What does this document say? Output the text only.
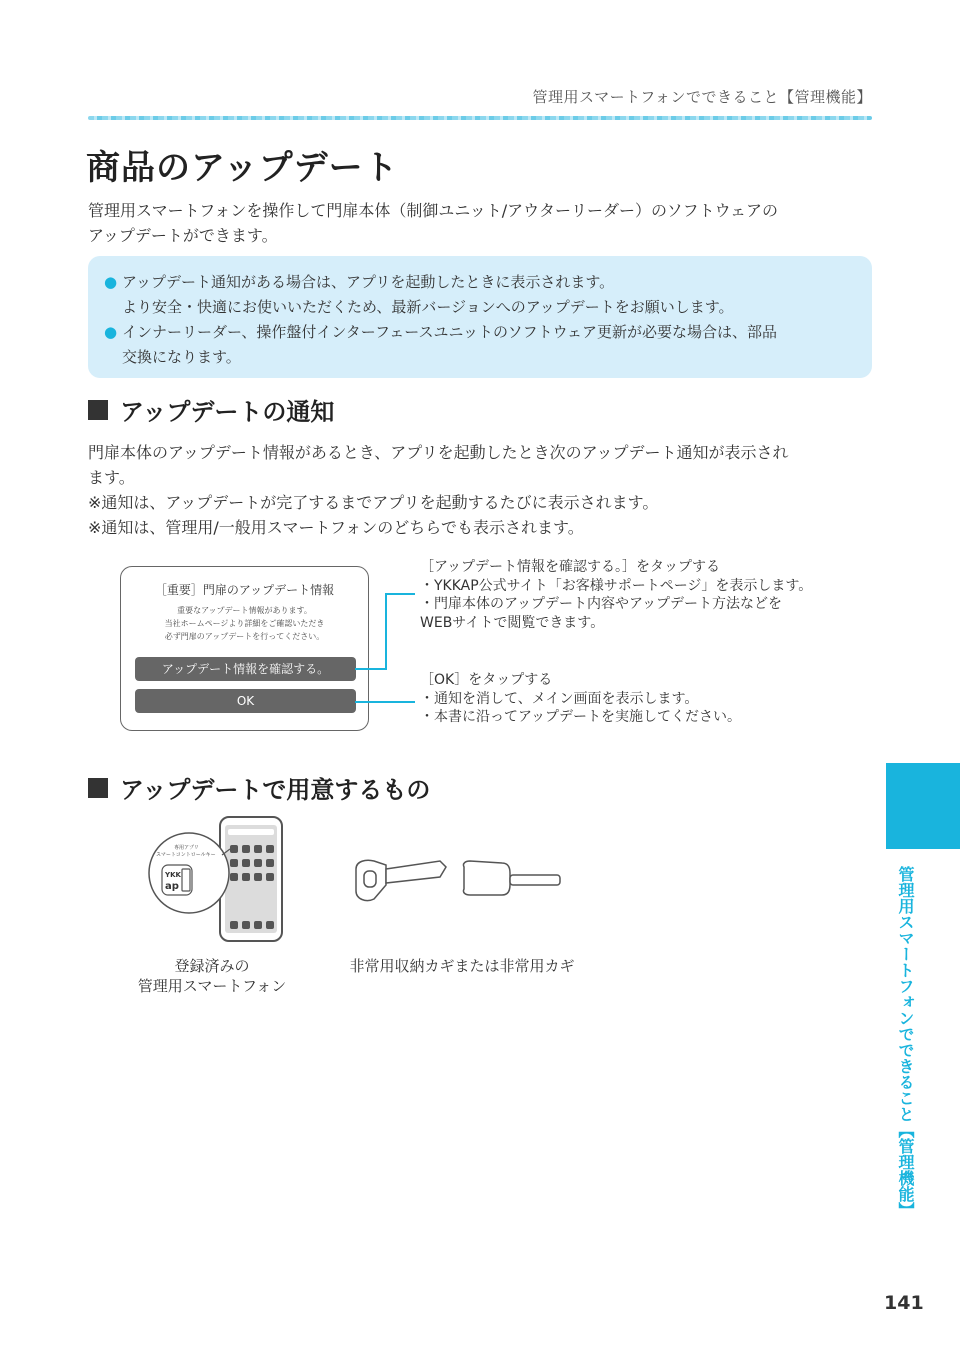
管理用スマートフォンでできること【管理機能】
商品のアップデート
管理用スマートフォンを操作して門扉本体（制御ユニット/アウターリーダー）のソフトウェアの
アップデートができます。
● アップデート通知がある場合は、アプリを起動したときに表示されます。
より安全・快適にお使いいただくため、最新バージョンへのアップデートをお願いします。
● インナーリーダー、操作盤付インターフェースユニットのソフトウェア更新が必要な場合は、部品
交換になります。
アップデートの通知
門扉本体のアップデート情報があるとき、アプリを起動したとき次のアップデート通知が表示され
ます。
※通知は、アップデートが完了するまでアプリを起動するたびに表示されます。
※通知は、管理用/一般用スマートフォンのどちらでも表示されます。
［重要］門扉のアップデート情報
重要なアップデート情報があります。
当社ホームページより詳細をご確認いただき
必ず門扉のアップデートを行ってください。
アップデート情報を確認する。
OK
［アップデート情報を確認する。］をタップする
・YKKAP公式サイト「お客様サポートページ」を表示します。
・門扉本体のアップデート内容やアップデート方法などを
WEBサイトで閲覧できます。
［OK］をタップする
・通知を消して、メイン画面を表示します。
・本書に沿ってアップデートを実施してください。
アップデートで用意するもの
専用アプリ
スマートコントロールキー
YKK
ap
登録済みの
管理用スマートフォン
非常用収納カギまたは非常用カギ	管理用スマートフォンでできること【管理機能】
141
